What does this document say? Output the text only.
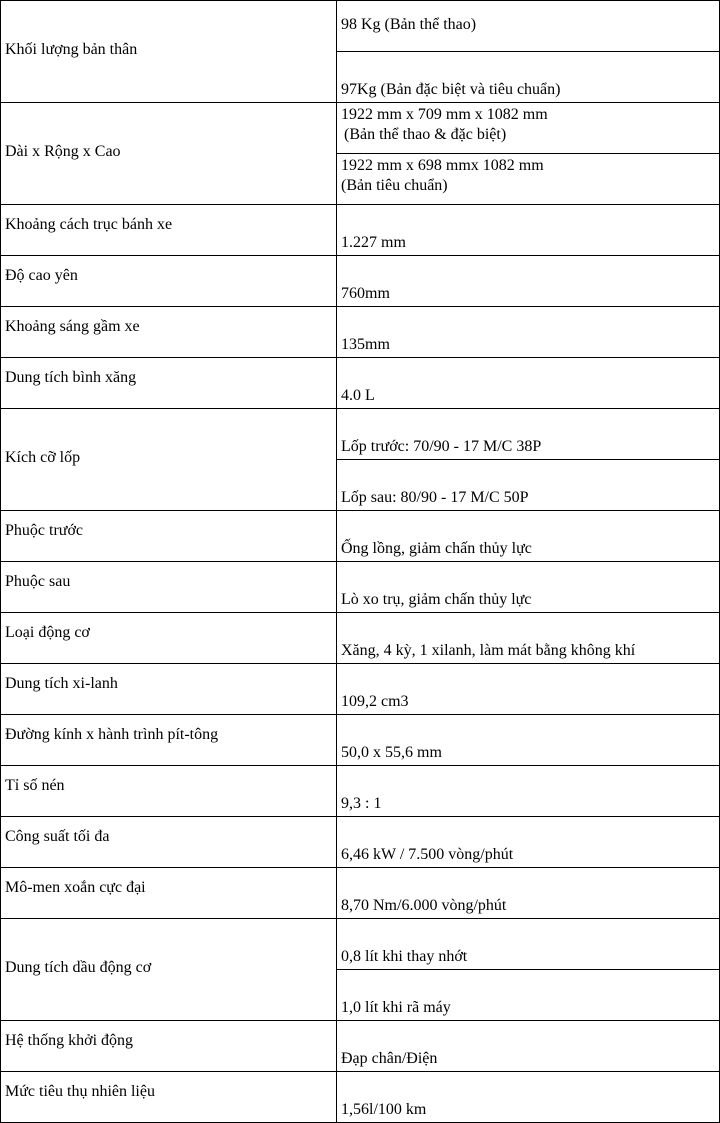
Khối lượng bản thân	98 Kg (Bản thể thao)
	97Kg (Bản đặc biệt và tiêu chuẩn)
Dài x Rộng x Cao	1922 mm x 709 mm x 1082 mm
(Bản thể thao & đặc biệt)

	1922 mm x 698 mmx 1082 mm
(Bản tiêu chuẩn)

Khoảng cách trục bánh xe	1.227 mm
Độ cao yên	760mm
Khoảng sáng gầm xe	135mm
Dung tích bình xăng	4.0 L
Kích cỡ lốp	Lốp trước: 70/90 - 17 M/C 38P
	Lốp sau: 80/90 - 17 M/C 50P
Phuộc trước	Ống lồng, giảm chấn thủy lực
Phuộc sau	Lò xo trụ, giảm chấn thủy lực
Loại động cơ	Xăng, 4 kỳ, 1 xilanh, làm mát bằng không khí
Dung tích xi-lanh	109,2 cm3
Đường kính x hành trình pít-tông	50,0 x 55,6 mm
Tỉ số nén	9,3 : 1
Công suất tối đa	6,46 kW / 7.500 vòng/phút
Mô-men xoắn cực đại	8,70 Nm/6.000 vòng/phút
Dung tích dầu động cơ	0,8 lít khi thay nhớt
	1,0 lít khi rã máy
Hệ thống khởi động	Đạp chân/Điện
Mức tiêu thụ nhiên liệu	1,56l/100 km
